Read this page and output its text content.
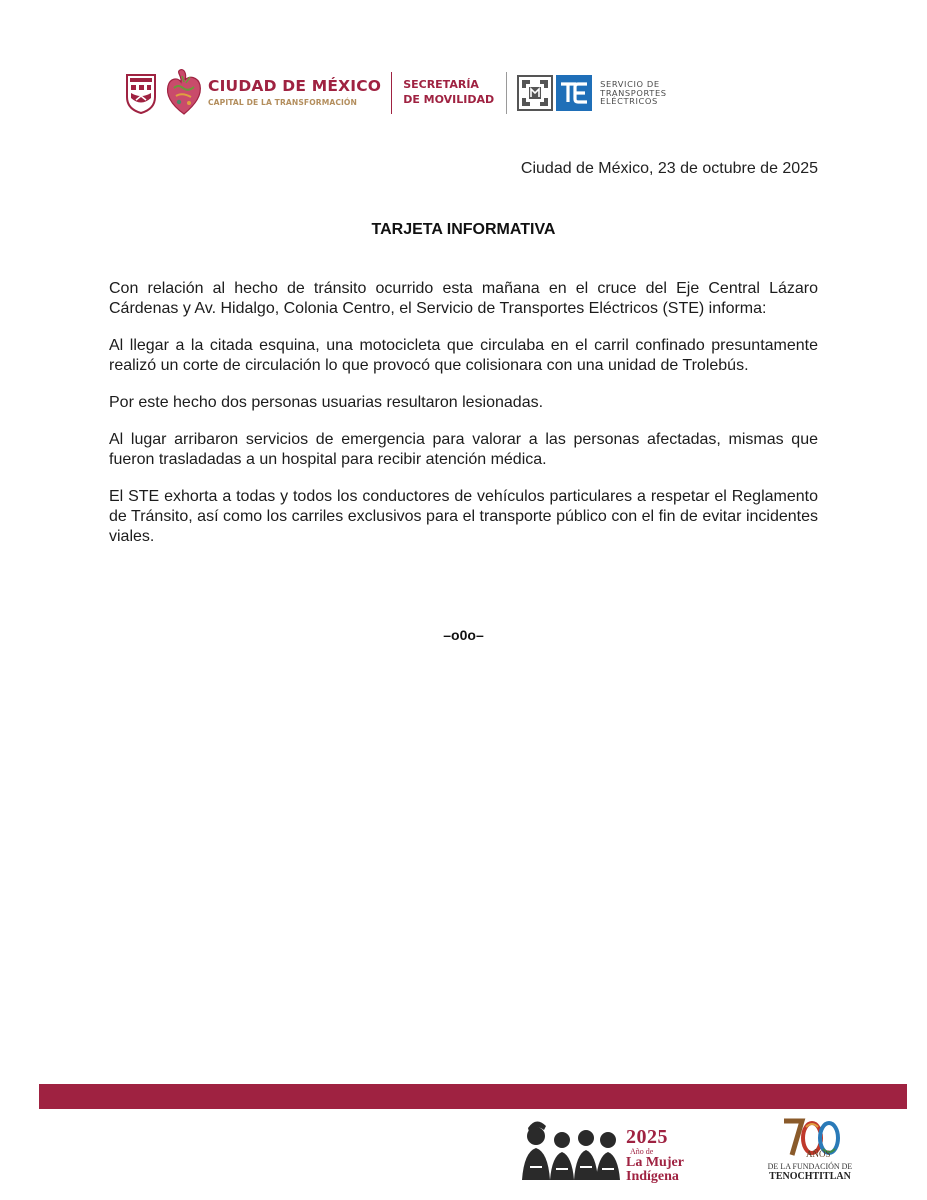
CIUDAD DE MÉXICO
CAPITAL DE LA TRANSFORMACIÓN
SECRETARÍA
DE MOVILIDAD
SERVICIO DE
TRANSPORTES
ELÉCTRICOS
Ciudad de México, 23 de octubre de 2025
TARJETA INFORMATIVA

Con relación al hecho de tránsito ocurrido esta mañana en el cruce del Eje Central Lázaro Cárdenas y Av. Hidalgo, Colonia Centro, el Servicio de Transportes Eléctricos (STE) informa:

Al llegar a la citada esquina, una motocicleta que circulaba en el carril confinado presuntamente realizó un corte de circulación lo que provocó que colisionara con una unidad de Trolebús.

Por este hecho dos personas usuarias resultaron lesionadas.

Al lugar arribaron servicios de emergencia para valorar a las personas afectadas, mismas que fueron trasladadas a un hospital para recibir atención médica.

El STE exhorta a todas y todos los conductores de vehículos particulares a respetar el Reglamento de Tránsito, así como los carriles exclusivos para el transporte público con el fin de evitar incidentes viales.

–o0o–
2025
Año de
La Mujer
Indígena
AÑOS
DE LA FUNDACIÓN DE
TENOCHTITLAN
